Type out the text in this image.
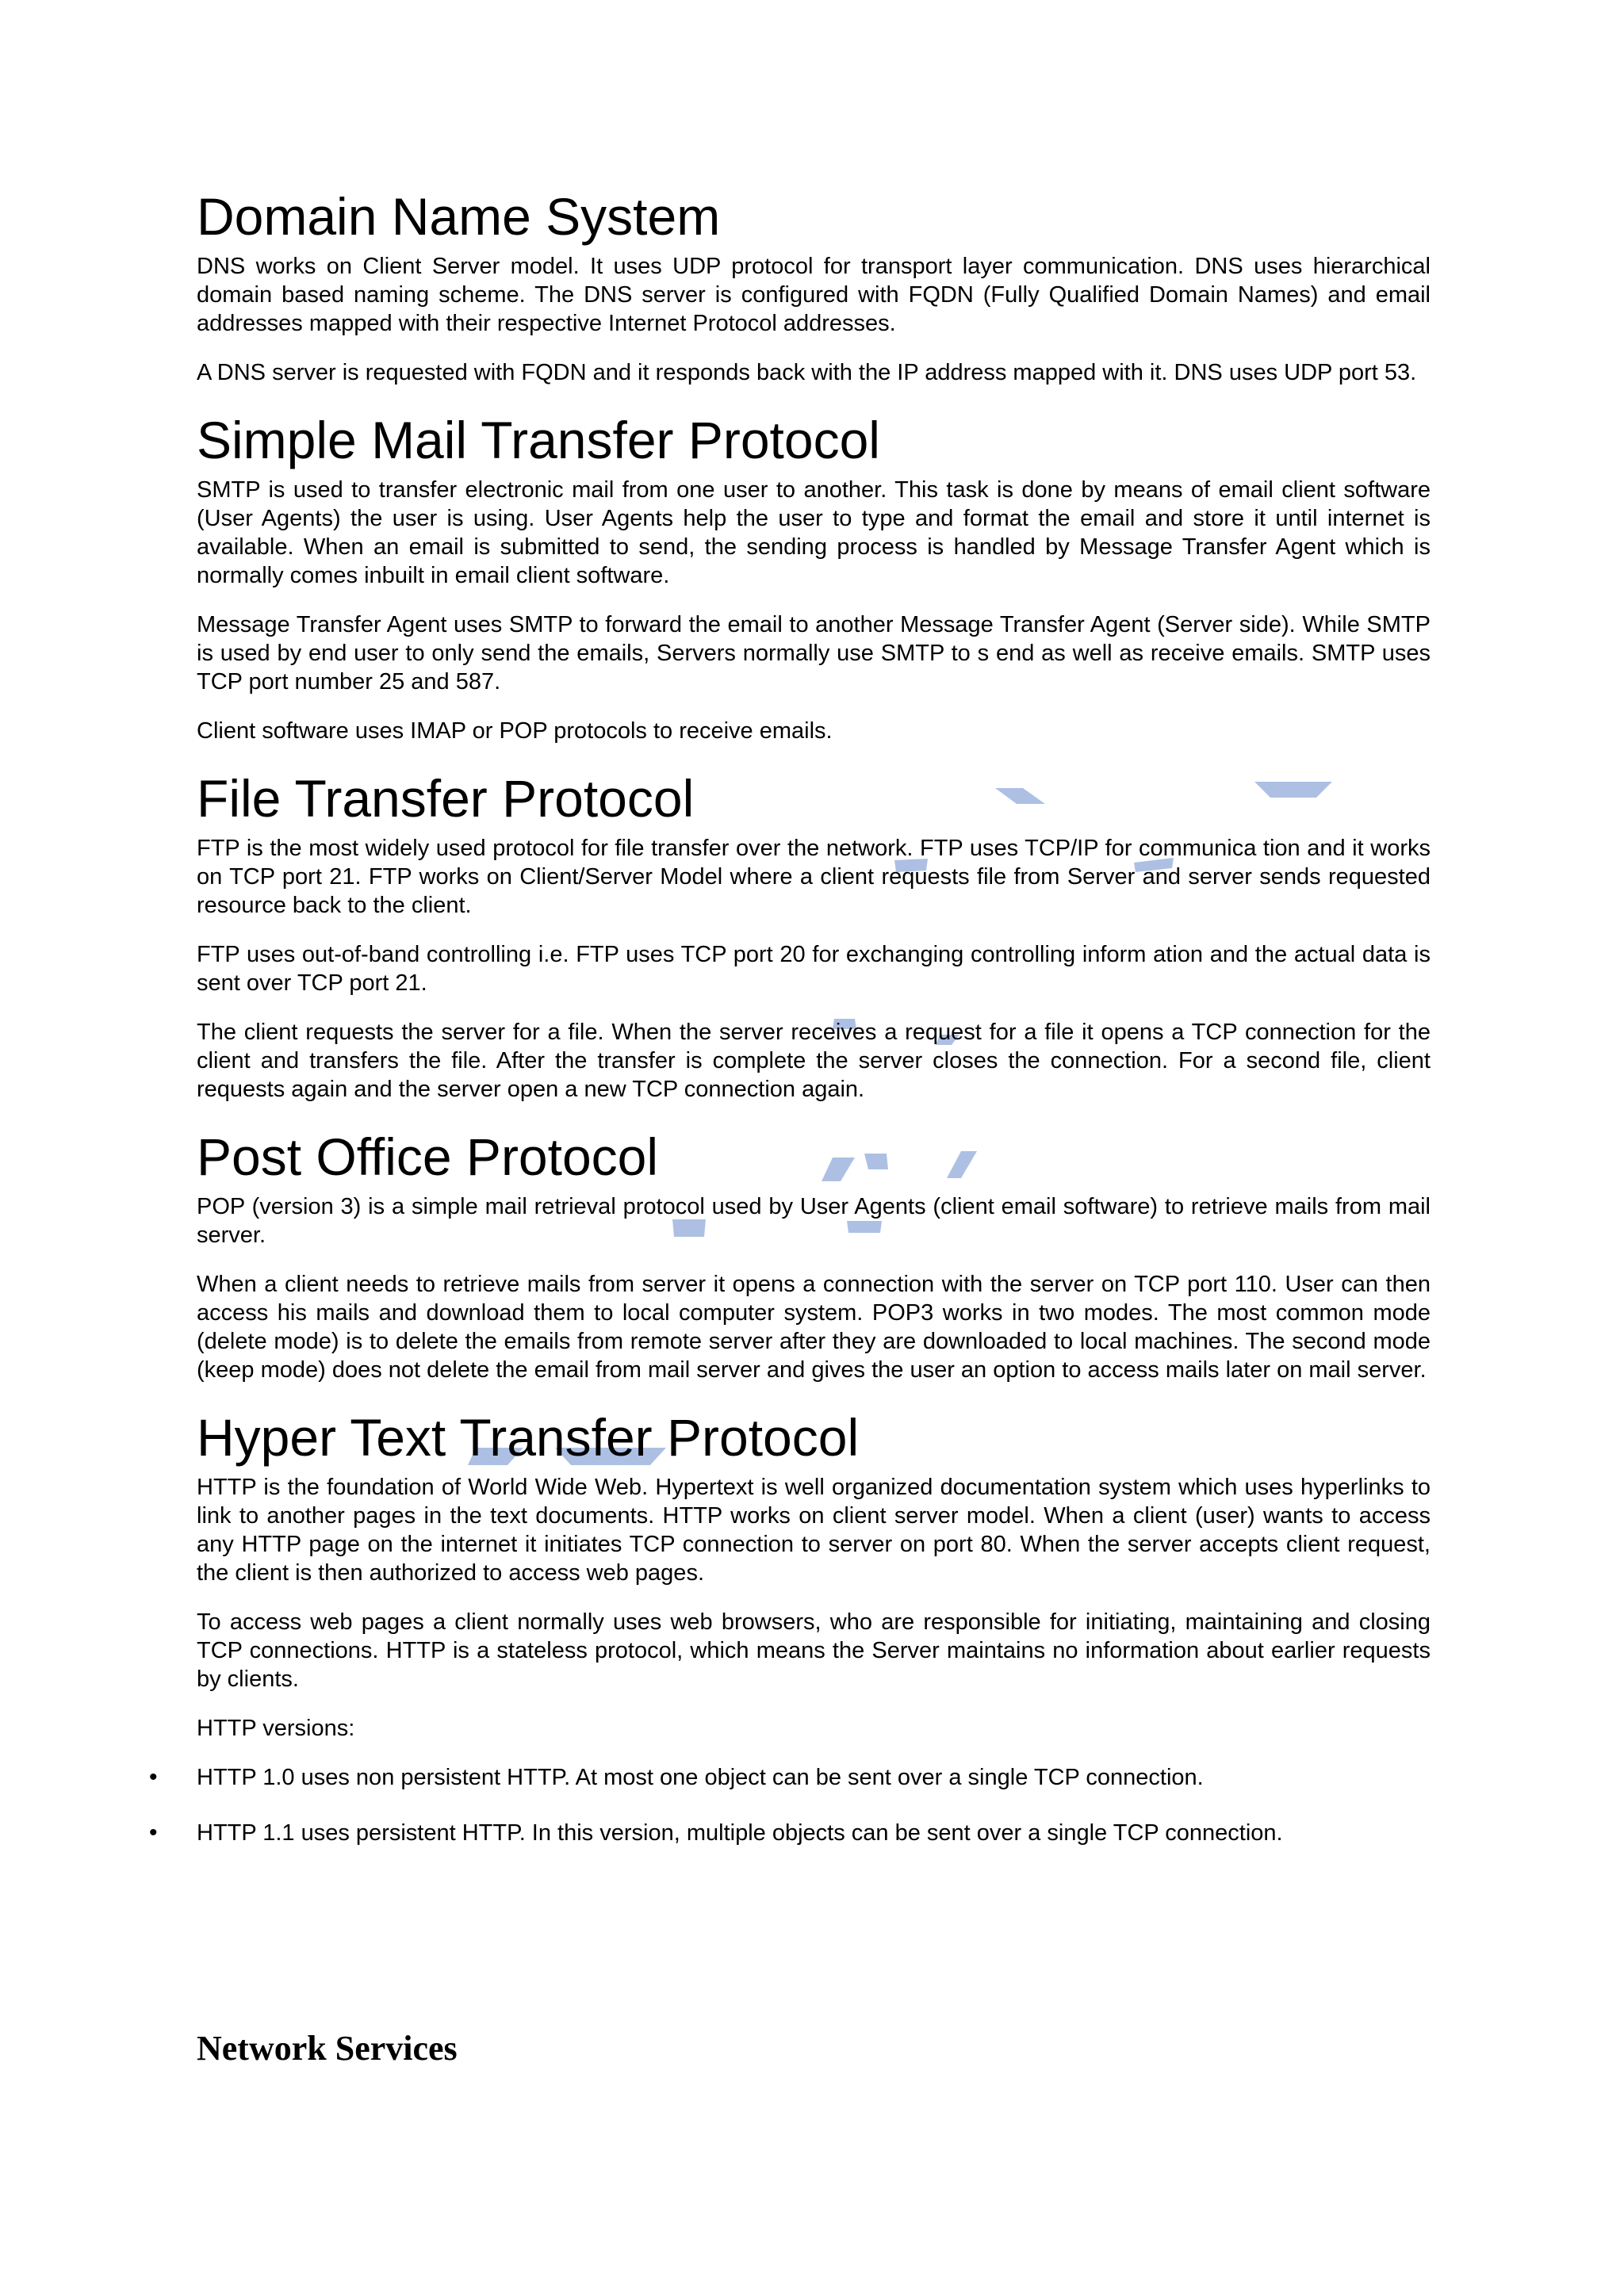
Domain Name System

DNS works on Client Server model. It uses UDP protocol for transport layer communication. DNS uses hierarchical domain based naming scheme. The DNS server is configured with FQDN (Fully Qualified Domain Names) and email addresses mapped with their respective Internet Protocol addresses.

A DNS server is requested with FQDN and it responds back with the IP address mapped with it. DNS uses UDP port 53.

Simple Mail Transfer Protocol

SMTP is used to transfer electronic mail from one user to another. This task is done by means of email client software (User Agents) the user is using. User Agents help the user to type and format the email and store it until internet is available. When an email is submitted to send, the sending process is handled by Message Transfer Agent which is normally comes inbuilt in email client software.

Message Transfer Agent uses SMTP to forward the email to another Message Transfer Agent (Server side). While SMTP is used by end user to only send the emails, Servers normally use SMTP to s end as well as receive emails. SMTP uses TCP port number 25 and 587.

Client software uses IMAP or POP protocols to receive emails.

File Transfer Protocol

FTP is the most widely used protocol for file transfer over the network. FTP uses TCP/IP for communica tion and it works on TCP port 21. FTP works on Client/Server Model where a client requests file from Server and server sends requested resource back to the client.

FTP uses out-of-band controlling i.e. FTP uses TCP port 20 for exchanging controlling inform ation and the actual data is sent over TCP port 21.

The client requests the server for a file. When the server receives a request for a file it opens a TCP connection for the client and transfers the file. After the transfer is complete the server closes the connection. For a second file, client requests again and the server open a new TCP connection again.

Post Office Protocol

POP (version 3) is a simple mail retrieval protocol used by User Agents (client email software) to retrieve mails from mail server.

When a client needs to retrieve mails from server it opens a connection with the server on TCP port 110. User can then access his mails and download them to local computer system. POP3 works in two modes. The most common mode (delete mode) is to delete the emails from remote server after they are downloaded to local machines. The second mode (keep mode) does not delete the email from mail server and gives the user an option to access mails later on mail server.

Hyper Text Transfer Protocol

HTTP is the foundation of World Wide Web. Hypertext is well organized documentation system which uses hyperlinks to link to another pages in the text documents. HTTP works on client server model. When a client (user) wants to access any HTTP page on the internet it initiates TCP connection to server on port 80. When the server accepts client request, the client is then authorized to access web pages.

To access web pages a client normally uses web browsers, who are responsible for initiating, maintaining and closing TCP connections. HTTP is a stateless protocol, which means the Server maintains no information about earlier requests by clients.

HTTP versions:

• HTTP 1.0 uses non persistent HTTP. At most one object can be sent over a single TCP connection.
• HTTP 1.1 uses persistent HTTP. In this version, multiple objects can be sent over a single TCP connection.
Network Services
